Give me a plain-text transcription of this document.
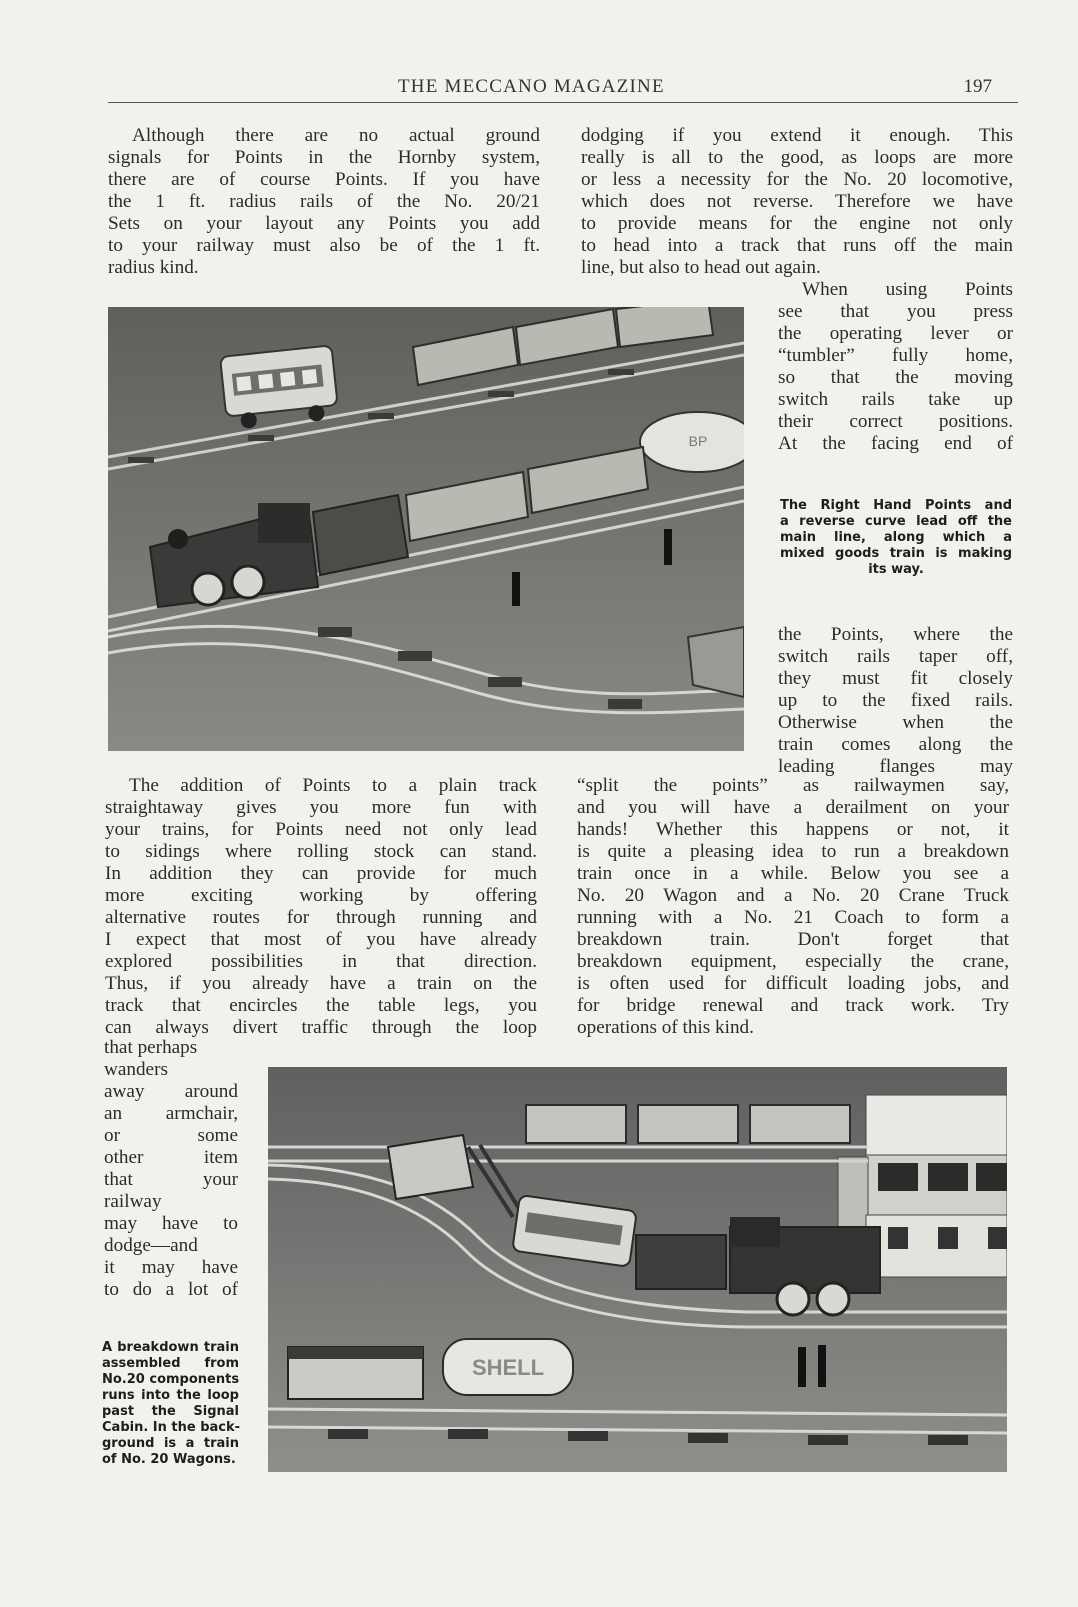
THE MECCANO MAGAZINE	197
Although there are no actual ground
signals for Points in the Hornby system,
there are of course Points. If you have
the 1 ft. radius rails of the No. 20/21
Sets on your layout any Points you add
to your railway must also be of the 1 ft.
radius kind.
dodging if you extend it enough. This
really is all to the good, as loops are more
or less a necessity for the No. 20 locomotive,
which does not reverse. Therefore we have
to provide means for the engine not only
to head into a track that runs off the main
line, but also to head out again.
When using Points
see that you press
the operating lever or
“tumbler” fully home,
so that the moving
switch rails take up
their correct positions.
At the facing end of
The Right Hand Points and
a reverse curve lead off the
main line, along which a
mixed goods train is making
its way.
the Points, where the
switch rails taper off,
they must fit closely
up to the fixed rails.
Otherwise when the
train comes along the
leading flanges may
BP
The addition of Points to a plain track
straightaway gives you more fun with
your trains, for Points need not only lead
to sidings where rolling stock can stand.
In addition they can provide for much
more exciting working by offering
alternative routes for through running and
I expect that most of you have already
explored possibilities in that direction.
Thus, if you already have a train on the
track that encircles the table legs, you
can always divert traffic through the loop
“split the points” as railwaymen say,
and you will have a derailment on your
hands! Whether this happens or not, it
is quite a pleasing idea to run a breakdown
train once in a while. Below you see a
No. 20 Wagon and a No. 20 Crane Truck
running with a No. 21 Coach to form a
breakdown train. Don't forget that
breakdown equipment, especially the crane,
is often used for difficult loading jobs, and
for bridge renewal and track work. Try
operations of this kind.
that perhaps
wanders
away around
an armchair,
or some
other item
that your
railway
may have to
dodge—and
it may have
to do a lot of
A breakdown train
assembled from
No.20 components
runs into the loop
past the Signal
Cabin. In the back-
ground is a train
of No. 20 Wagons.
SHELL
